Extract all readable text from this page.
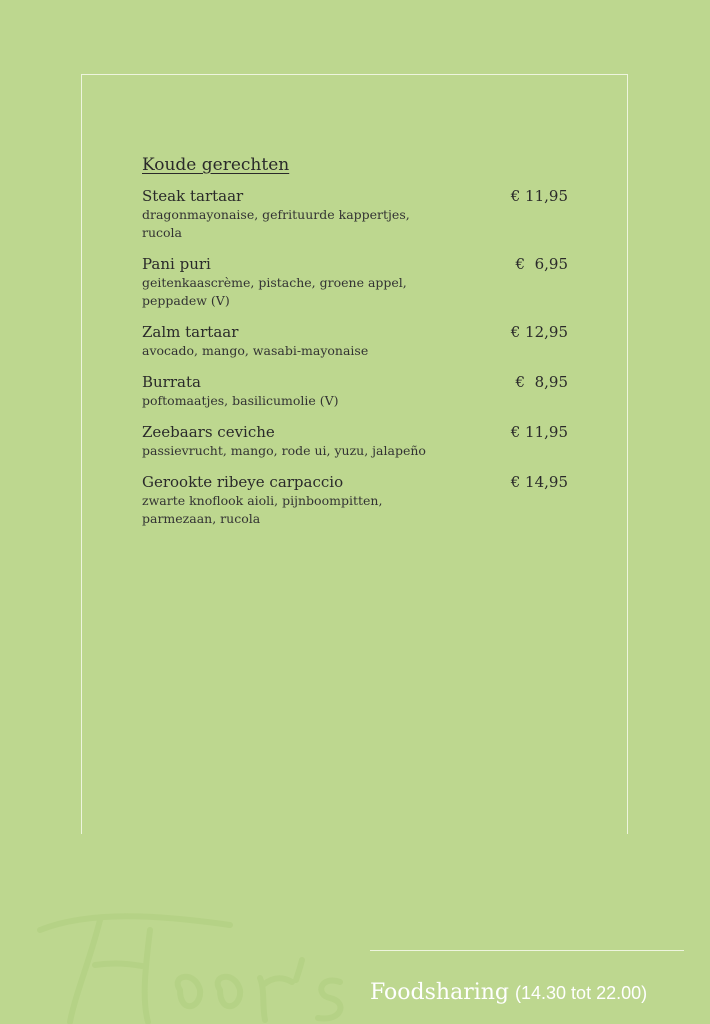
Koude gerechten
Steak tartaar
dragonmayonaise, gefrituurde kappertjes, rucola
€ 11,95
Pani puri
geitenkaascrème, pistache, groene appel, peppadew (V)
€  6,95
Zalm tartaar
avocado, mango, wasabi-mayonaise
€ 12,95
Burrata
poftomaatjes, basilicumolie (V)
€  8,95
Zeebaars ceviche
passievrucht, mango, rode ui, yuzu, jalapeño
€ 11,95
Gerookte ribeye carpaccio
zwarte knoflook aioli, pijnboompitten, parmezaan, rucola
€ 14,95
Foodsharing (14.30 tot 22.00)
